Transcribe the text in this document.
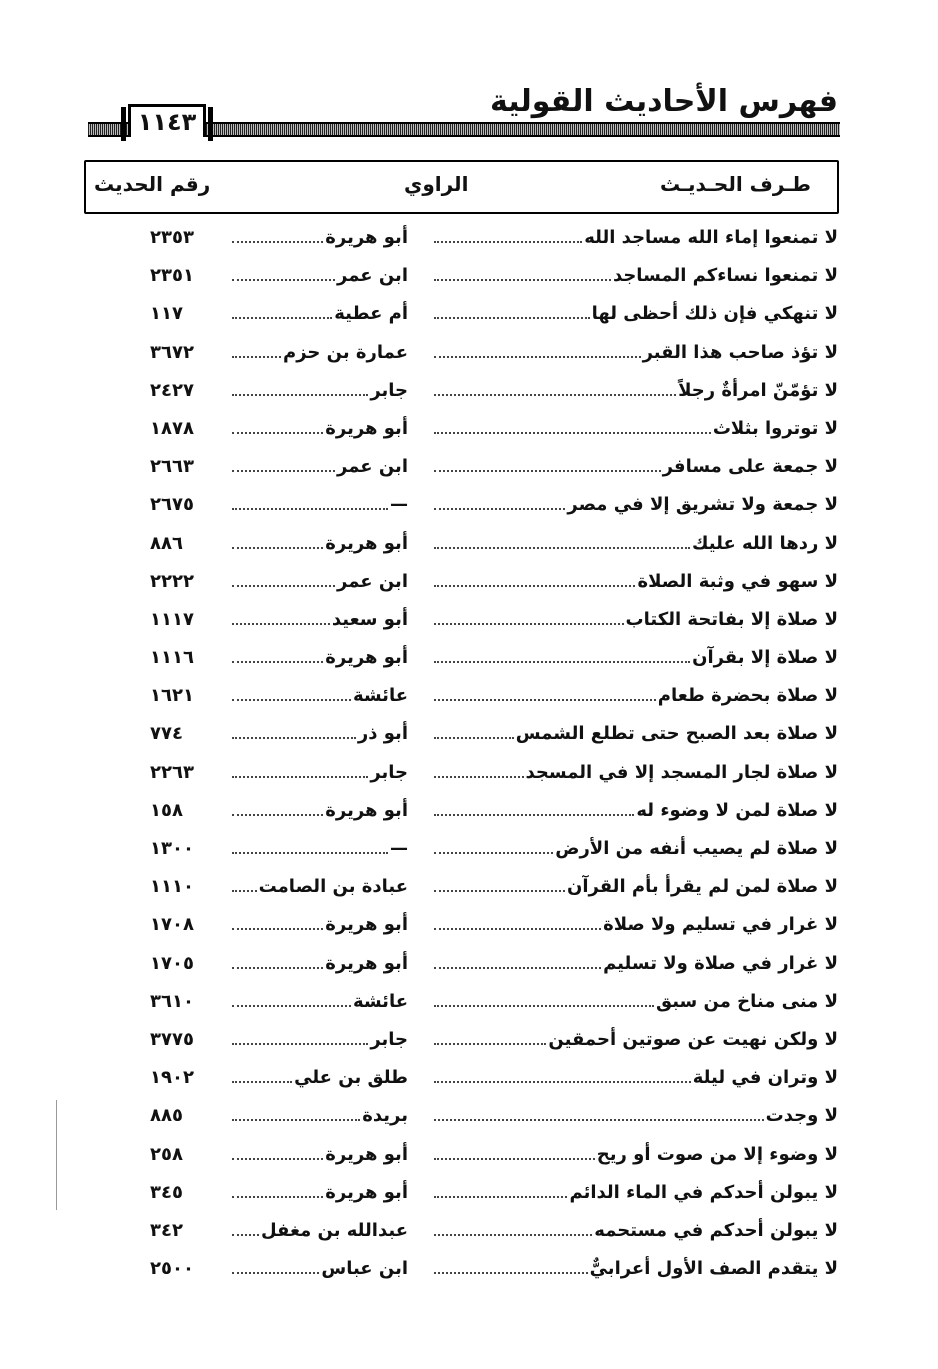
فهرس الأحاديث القولية
١١٤٣
طـرف الحـديـث
الراوي
رقم الحديث
لا تمنعوا إماء الله مساجد الله
أبو هريرة
٢٣٥٣
لا تمنعوا نساءكم المساجد
ابن عمر
٢٣٥١
لا تنهكي فإن ذلك أحظى لها
أم عطية
١١٧
لا تؤذ صاحب هذا القبر
عمارة بن حزم
٣٦٧٢
لا تؤمّنّ امرأةٌ رجلاً
جابر
٢٤٢٧
لا توتروا بثلاث
أبو هريرة
١٨٧٨
لا جمعة على مسافر
ابن عمر
٢٦٦٣
لا جمعة ولا تشريق إلا في مصر
—
٢٦٧٥
لا ردها الله عليك
أبو هريرة
٨٨٦
لا سهو في وثبة الصلاة
ابن عمر
٢٢٢٢
لا صلاة إلا بفاتحة الكتاب
أبو سعيد
١١١٧
لا صلاة إلا بقرآن
أبو هريرة
١١١٦
لا صلاة بحضرة طعام
عائشة
١٦٢١
لا صلاة بعد الصبح حتى تطلع الشمس
أبو ذر
٧٧٤
لا صلاة لجار المسجد إلا في المسجد
جابر
٢٢٦٣
لا صلاة لمن لا وضوء له
أبو هريرة
١٥٨
لا صلاة لم يصيب أنفه من الأرض
—
١٣٠٠
لا صلاة لمن لم يقرأ بأم القرآن
عبادة بن الصامت
١١١٠
لا غرار في تسليم ولا صلاة
أبو هريرة
١٧٠٨
لا غرار في صلاة ولا تسليم
أبو هريرة
١٧٠٥
لا منى مناخ من سبق
عائشة
٣٦١٠
لا ولكن نهيت عن صوتين أحمقين
جابر
٣٧٧٥
لا وتران في ليلة
طلق بن علي
١٩٠٢
لا وجدت
بريدة
٨٨٥
لا وضوء إلا من صوت أو ريح
أبو هريرة
٢٥٨
لا يبولن أحدكم في الماء الدائم
أبو هريرة
٣٤٥
لا يبولن أحدكم في مستحمه
عبدالله بن مغفل
٣٤٢
لا يتقدم الصف الأول أعرابيٌّ
ابن عباس
٢٥٠٠
